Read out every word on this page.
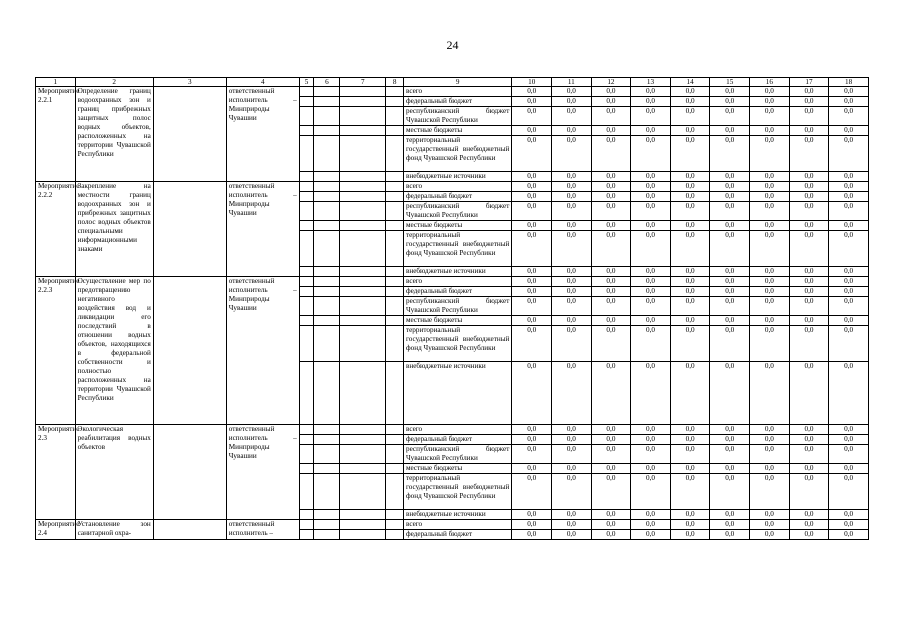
24
1	2	3	4	5	6	7	8	9	10	11	12	13	14	15	16	17	18
Мероприятие 2.2.1	Определение границ водоохранных зон и границ прибрежных защитных полос водных объектов, расположенных на территории Чувашской Республики		ответственный исполнитель – Минприроды Чувашии					всего	0,0	0,0	0,0	0,0	0,0	0,0	0,0	0,0	0,0
								федеральный бюджет	0,0	0,0	0,0	0,0	0,0	0,0	0,0	0,0	0,0
								республиканский бюджет Чувашской Республики	0,0	0,0	0,0	0,0	0,0	0,0	0,0	0,0	0,0
								местные бюджеты	0,0	0,0	0,0	0,0	0,0	0,0	0,0	0,0	0,0
								территориальный государственный внебюджетный фонд Чувашской Республики	0,0	0,0	0,0	0,0	0,0	0,0	0,0	0,0	0,0
								внебюджетные источники	0,0	0,0	0,0	0,0	0,0	0,0	0,0	0,0	0,0
Мероприятие 2.2.2	Закрепление на местности границ водоохранных зон и прибрежных защитных полос водных объектов специальными информационными знаками		ответственный исполнитель – Минприроды Чувашии					всего	0,0	0,0	0,0	0,0	0,0	0,0	0,0	0,0	0,0
								федеральный бюджет	0,0	0,0	0,0	0,0	0,0	0,0	0,0	0,0	0,0
								республиканский бюджет Чувашской Республики	0,0	0,0	0,0	0,0	0,0	0,0	0,0	0,0	0,0
								местные бюджеты	0,0	0,0	0,0	0,0	0,0	0,0	0,0	0,0	0,0
								территориальный государственный внебюджетный фонд Чувашской Республики	0,0	0,0	0,0	0,0	0,0	0,0	0,0	0,0	0,0
								внебюджетные источники	0,0	0,0	0,0	0,0	0,0	0,0	0,0	0,0	0,0
Мероприятие 2.2.3	Осуществление мер по предотвращению негативного воздействия вод и ликвидации его последствий в отношении водных объектов, находящихся в федеральной собственности и полностью расположенных на территории Чувашской Республики		ответственный исполнитель – Минприроды Чувашии					всего	0,0	0,0	0,0	0,0	0,0	0,0	0,0	0,0	0,0
								федеральный бюджет	0,0	0,0	0,0	0,0	0,0	0,0	0,0	0,0	0,0
								республиканский бюджет Чувашской Республики	0,0	0,0	0,0	0,0	0,0	0,0	0,0	0,0	0,0
								местные бюджеты	0,0	0,0	0,0	0,0	0,0	0,0	0,0	0,0	0,0
								территориальный государственный внебюджетный фонд Чувашской Республики	0,0	0,0	0,0	0,0	0,0	0,0	0,0	0,0	0,0
								внебюджетные источники	0,0	0,0	0,0	0,0	0,0	0,0	0,0	0,0	0,0
Мероприятие 2.3	Экологическая реабилитация водных объектов		ответственный исполнитель – Минприроды Чувашии					всего	0,0	0,0	0,0	0,0	0,0	0,0	0,0	0,0	0,0
								федеральный бюджет	0,0	0,0	0,0	0,0	0,0	0,0	0,0	0,0	0,0
								республиканский бюджет Чувашской Республики	0,0	0,0	0,0	0,0	0,0	0,0	0,0	0,0	0,0
								местные бюджеты	0,0	0,0	0,0	0,0	0,0	0,0	0,0	0,0	0,0
								территориальный государственный внебюджетный фонд Чувашской Республики	0,0	0,0	0,0	0,0	0,0	0,0	0,0	0,0	0,0
								внебюджетные источники	0,0	0,0	0,0	0,0	0,0	0,0	0,0	0,0	0,0
Мероприятие 2.4	Установление зон санитарной охра-		ответственный исполнитель –					всего	0,0	0,0	0,0	0,0	0,0	0,0	0,0	0,0	0,0
								федеральный бюджет	0,0	0,0	0,0	0,0	0,0	0,0	0,0	0,0	0,0
